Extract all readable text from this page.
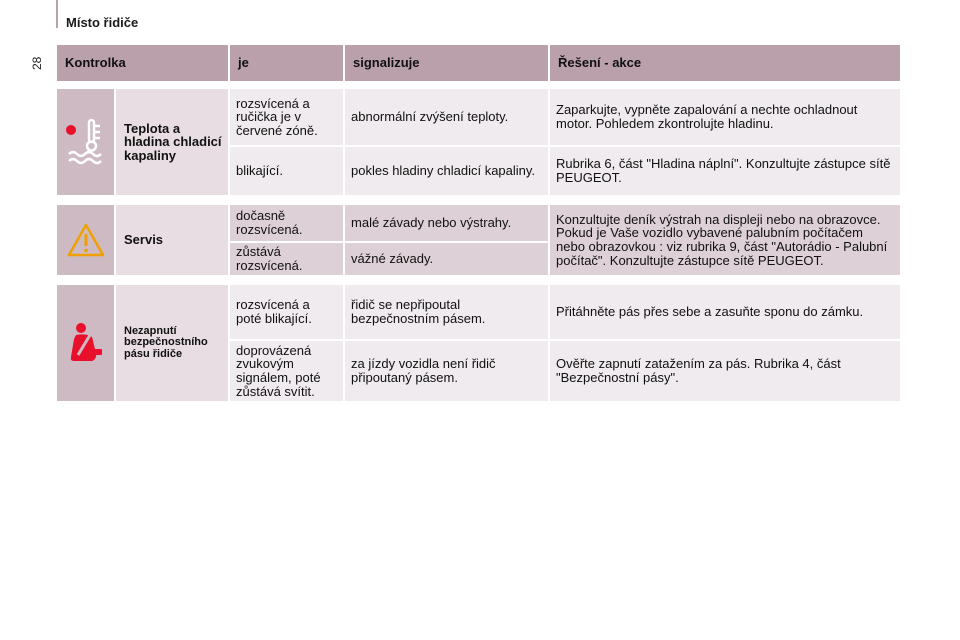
Místo řidiče
28 Kontrolka		je	signalizuje	Řešení - akce

	Teplota a hladina chladicí kapaliny	rozsvícená a ručička je v červené zóně.	abnormální zvýšení teploty.	Zaparkujte, vypněte zapalování a nechte ochladnout motor. Pohledem zkontrolujte hladinu.
		blikající.	pokles hladiny chladicí kapaliny.	Rubrika 6, část "Hladina náplní". Konzultujte zástupce sítě PEUGEOT.

	Servis	dočasně rozsvícená.	malé závady nebo výstrahy.	Konzultujte deník výstrah na displeji nebo na obrazovce. Pokud je Vaše vozidlo vybavené palubním počítačem nebo obrazovkou : viz rubrika 9, část "Autorádio - Palubní počítač". Konzultujte zástupce sítě PEUGEOT.
		zůstává rozsvícená.	vážné závady.	

	Nezapnutí bezpečnostního pásu řidiče	rozsvícená a poté blikající.	řidič se nepřipoutal bezpečnostním pásem.	Přitáhněte pás přes sebe a zasuňte sponu do zámku.
		doprovázená zvukovým signálem, poté zůstává svítit.	za jízdy vozidla není řidič připoutaný pásem.	Ověřte zapnutí zatažením za pás. Rubrika 4, část "Bezpečnostní pásy".
